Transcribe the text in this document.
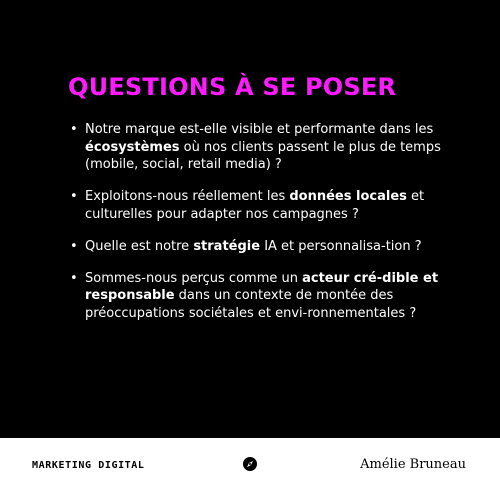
QUESTIONS À SE POSER
• Notre marque est-elle visible et performante dans les écosystèmes où nos clients passent le plus de temps (mobile, social, retail media) ?
• Exploitons-nous réellement les données locales et culturelles pour adapter nos campagnes ?
• Quelle est notre stratégie IA et personnalisa-tion ?
• Sommes-nous perçus comme un acteur cré-dible et responsable dans un contexte de montée des préoccupations sociétales et envi-ronnementales ?
MARKETING DIGITAL	Amélie Bruneau
